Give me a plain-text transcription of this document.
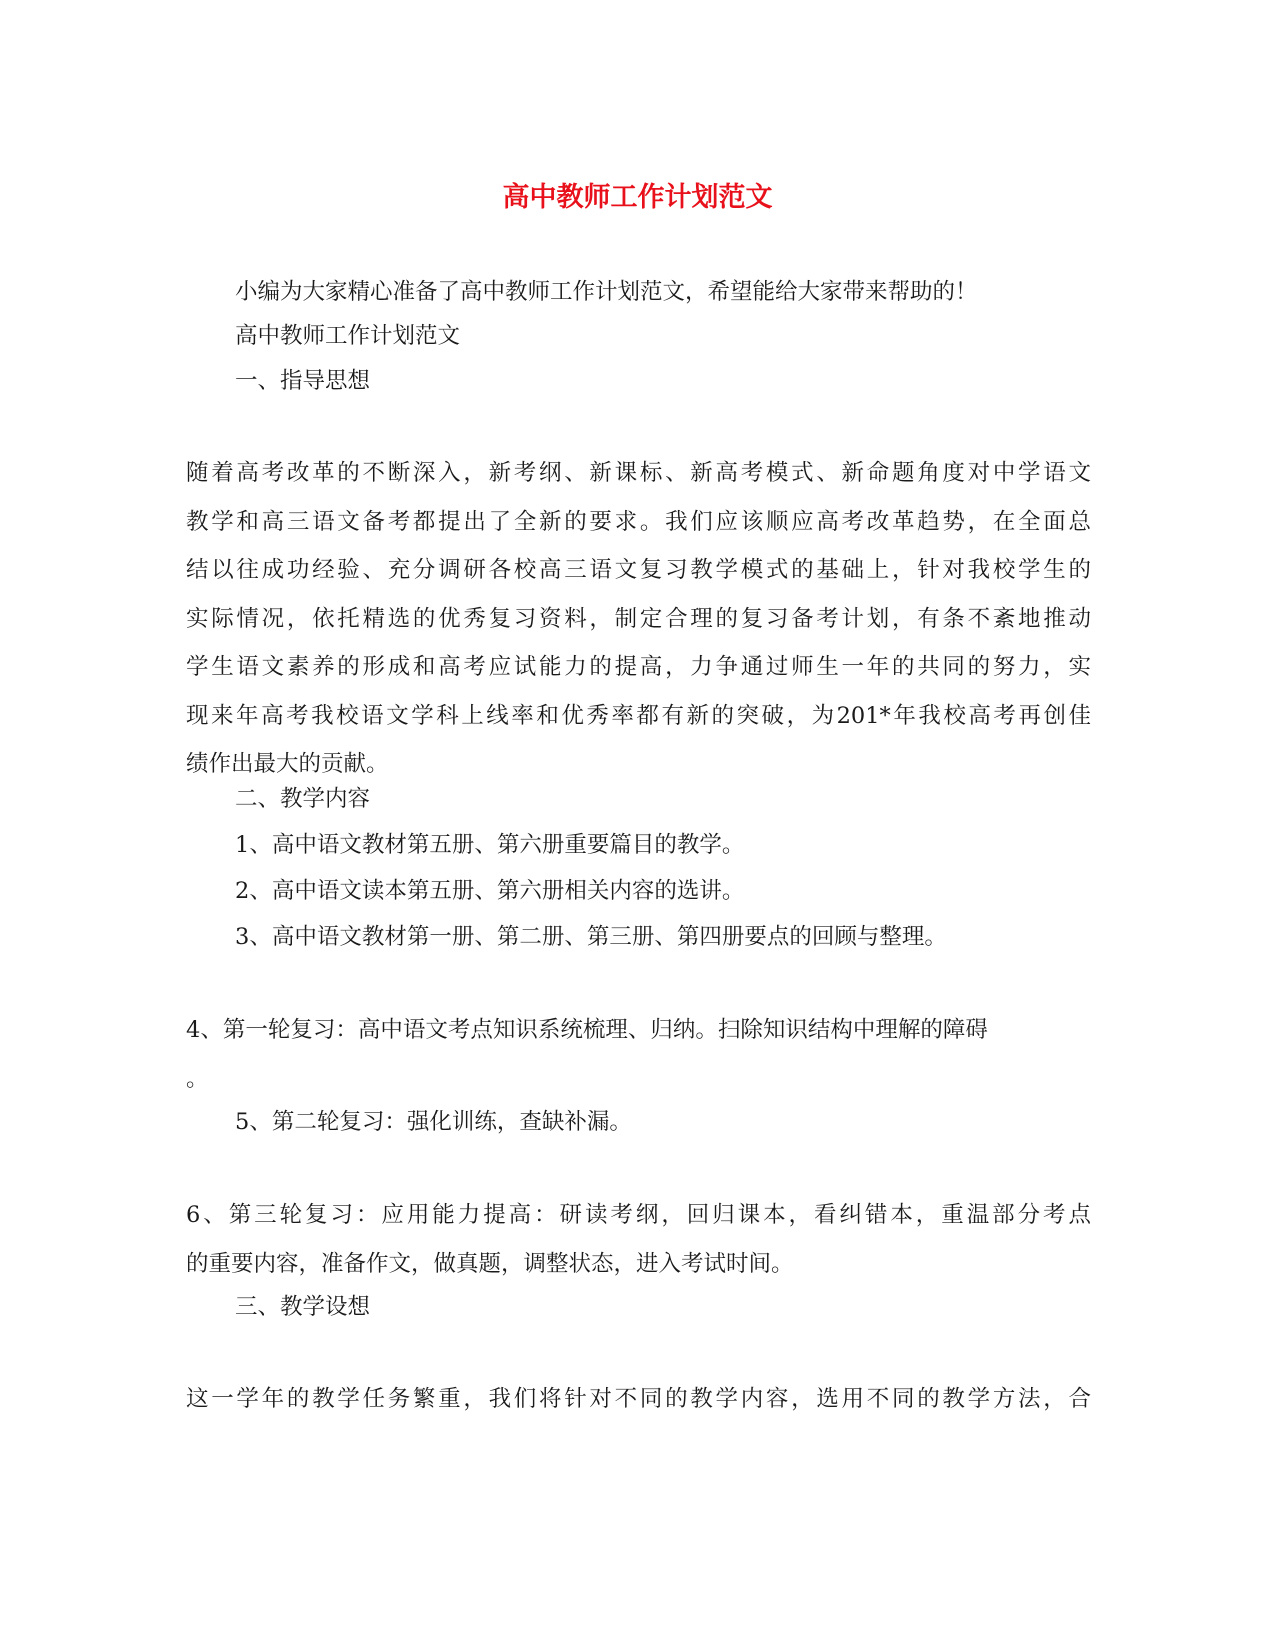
高中教师工作计划范文
小编为大家精心准备了高中教师工作计划范文，希望能给大家带来帮助的！
高中教师工作计划范文
一、指导思想
随着高考改革的不断深入，新考纲、新课标、新高考模式、新命题角度对中学语文
教学和高三语文备考都提出了全新的要求。我们应该顺应高考改革趋势，在全面总
结以往成功经验、充分调研各校高三语文复习教学模式的基础上，针对我校学生的
实际情况，依托精选的优秀复习资料，制定合理的复习备考计划，有条不紊地推动
学生语文素养的形成和高考应试能力的提高，力争通过师生一年的共同的努力，实
现来年高考我校语文学科上线率和优秀率都有新的突破，为201*年我校高考再创佳
绩作出最大的贡献。
二、教学内容
1、高中语文教材第五册、第六册重要篇目的教学。
2、高中语文读本第五册、第六册相关内容的选讲。
3、高中语文教材第一册、第二册、第三册、第四册要点的回顾与整理。
4、第一轮复习：高中语文考点知识系统梳理、归纳。扫除知识结构中理解的障碍
。
5、第二轮复习：强化训练，查缺补漏。
6、第三轮复习：应用能力提高：研读考纲，回归课本，看纠错本，重温部分考点
的重要内容，准备作文，做真题，调整状态，进入考试时间。
三、教学设想
这一学年的教学任务繁重，我们将针对不同的教学内容，选用不同的教学方法，合
